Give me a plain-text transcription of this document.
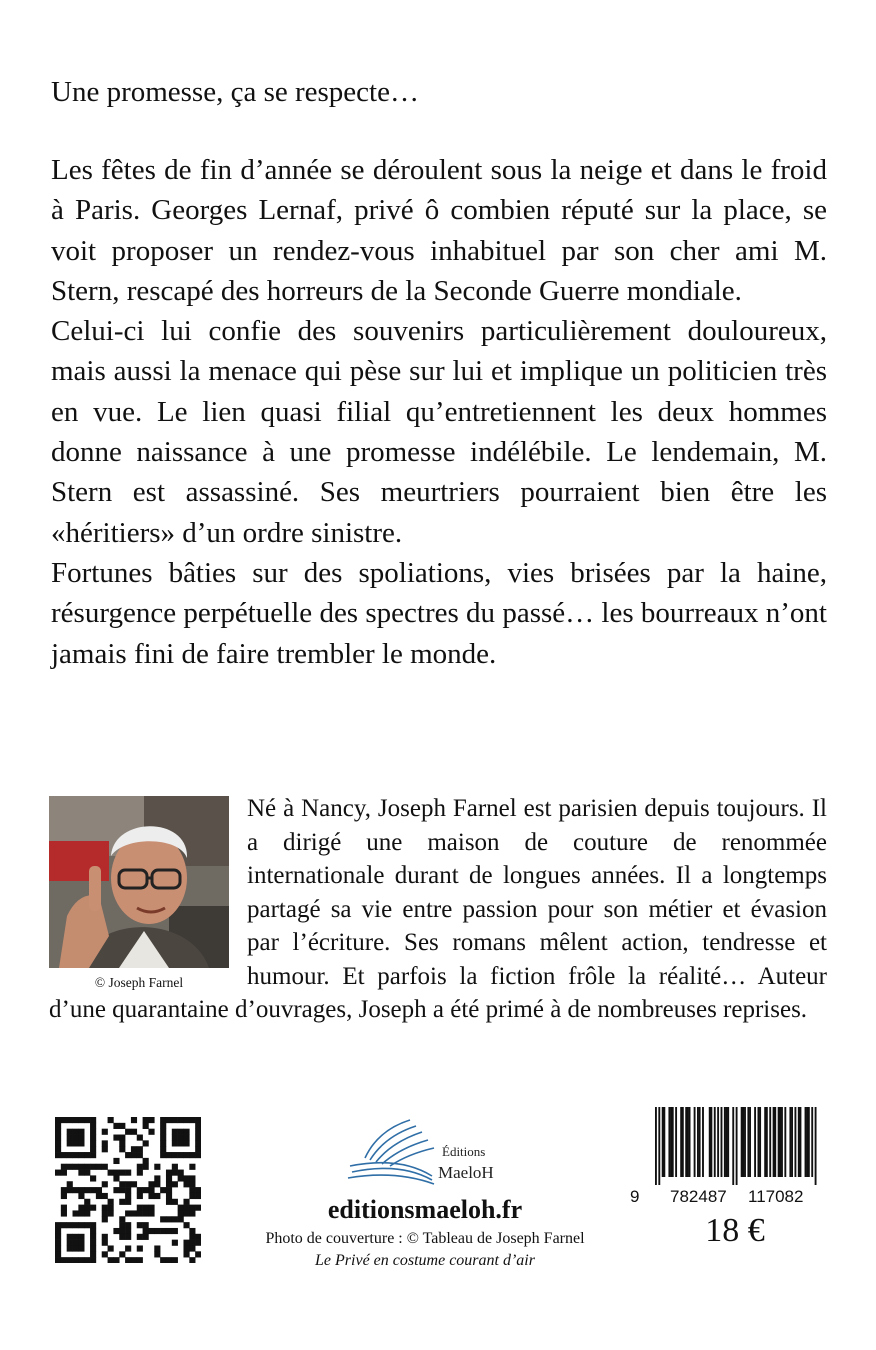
Une promesse, ça se respecte…

Les fêtes de fin d’année se déroulent sous la neige et dans le froid à Paris. Georges Lernaf, privé ô combien réputé sur la place, se voit proposer un rendez-vous inhabituel par son cher ami M. Stern, rescapé des horreurs de la Seconde Guerre mondiale.

Celui-ci lui confie des souvenirs particulièrement douloureux, mais aussi la menace qui pèse sur lui et implique un politicien très en vue. Le lien quasi filial qu’entretiennent les deux hommes donne naissance à une promesse indélébile. Le lendemain, M. Stern est assassiné. Ses meurtriers pourraient bien être les «héritiers» d’un ordre sinistre.

Fortunes bâties sur des spoliations, vies brisées par la haine, résurgence perpétuelle des spectres du passé… les bourreaux n’ont jamais fini de faire trembler le monde.

© Joseph Farnel

Né à Nancy, Joseph Farnel est parisien depuis toujours. Il a dirigé une maison de couture de renommée internationale durant de longues années. Il a longtemps partagé sa vie entre passion pour son métier et évasion par l’écriture. Ses romans mêlent action, tendresse et humour. Et parfois la fiction frôle la réalité… Auteur d’une quarantaine d’ouvrages, Joseph a été primé à de nombreuses reprises.
Éditions
MaeloH

editionsmaeloh.fr

Photo de couverture : © Tableau de Joseph Farnel

Le Privé en costume courant d’air

9 782487 117082

18 €
